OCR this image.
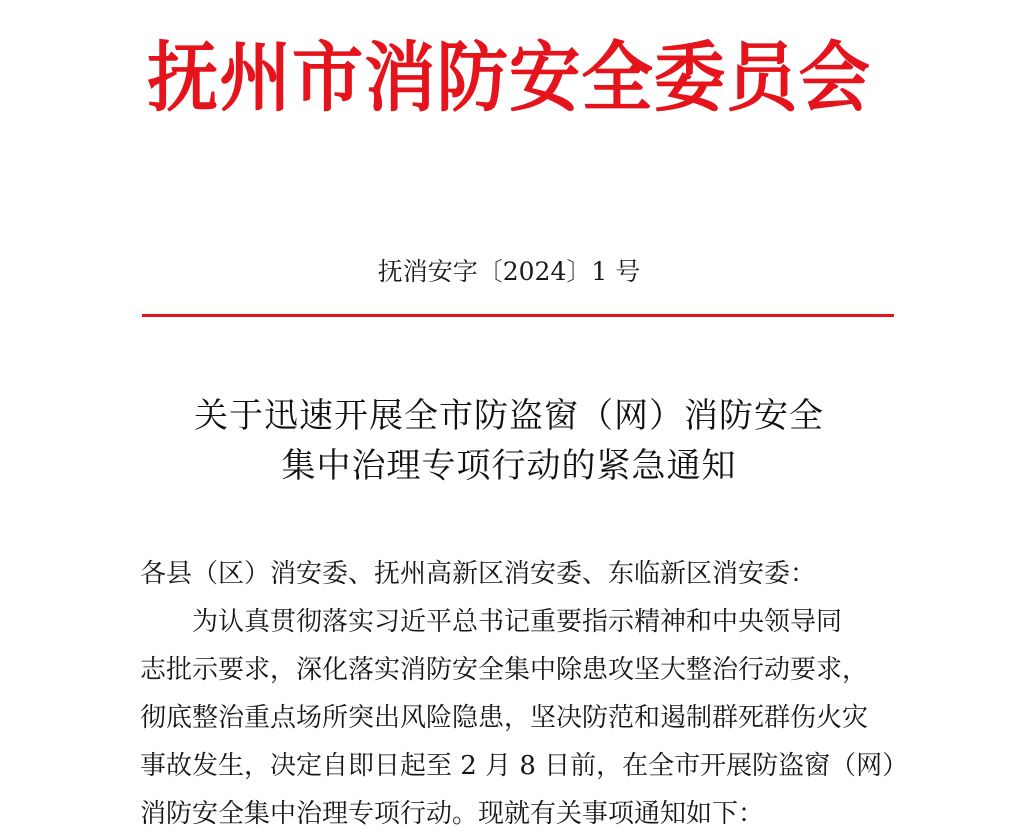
抚州市消防安全委员会
抚消安字〔2024〕1 号
关于迅速开展全市防盗窗（网）消防安全
集中治理专项行动的紧急通知
各县（区）消安委、抚州高新区消安委、东临新区消安委：
为认真贯彻落实习近平总书记重要指示精神和中央领导同
志批示要求，深化落实消防安全集中除患攻坚大整治行动要求，
彻底整治重点场所突出风险隐患，坚决防范和遏制群死群伤火灾
事故发生，决定自即日起至 2 月 8 日前，在全市开展防盗窗（网）
消防安全集中治理专项行动。现就有关事项通知如下：
